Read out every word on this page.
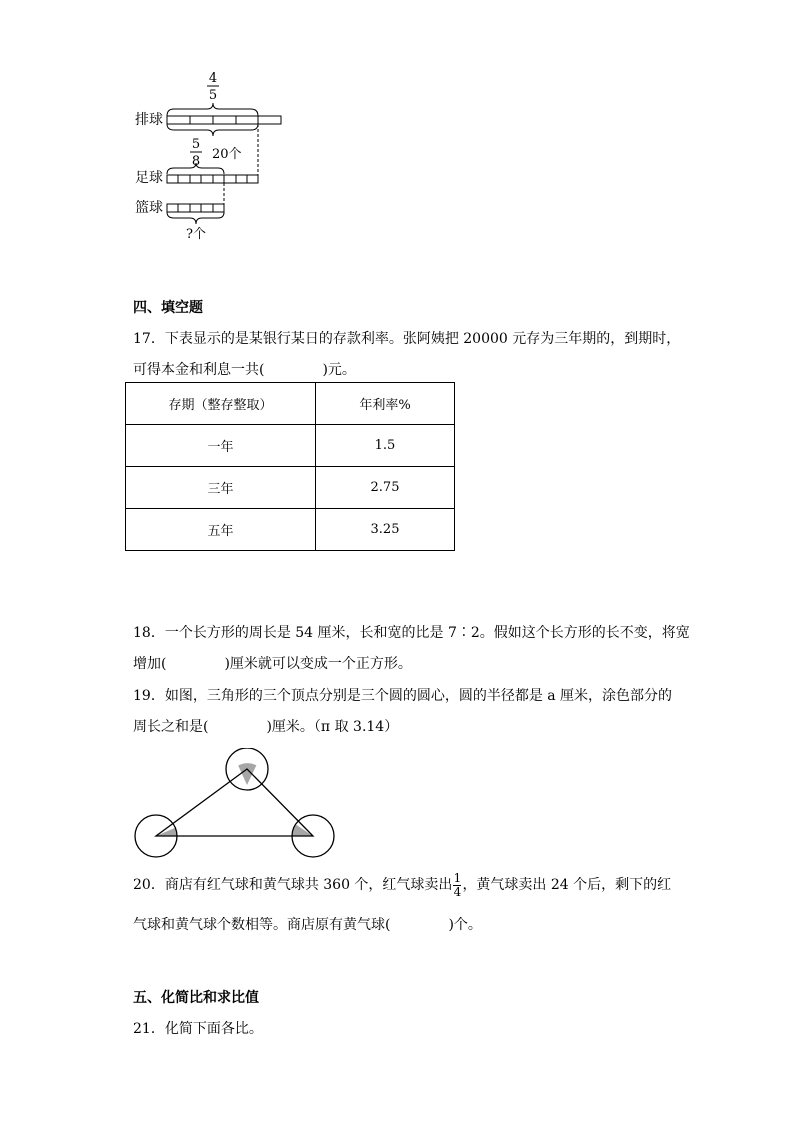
4
5
排球
20个
5
8
足球
篮球
?个
四、填空题
17．下表显示的是某银行某日的存款利率。张阿姨把 20000 元存为三年期的，到期时，
可得本金和利息一共(	)元。
存期（整存整取）	年利率%
一年	1.5
三年	2.75
五年	3.25
18．一个长方形的周长是 54 厘米，长和宽的比是 7∶2。假如这个长方形的长不变，将宽
增加(	)厘米就可以变成一个正方形。
19．如图，三角形的三个顶点分别是三个圆的圆心，圆的半径都是 a 厘米，涂色部分的
周长之和是(	)厘米。（π 取 3.14）
20．商店有红气球和黄气球共 360 个，红气球卖出 $\frac{1}{4}$ ，黄气球卖出 24 个后，剩下的红
气球和黄气球个数相等。商店原有黄气球(	)个。
五、化简比和求比值
21．化简下面各比。
